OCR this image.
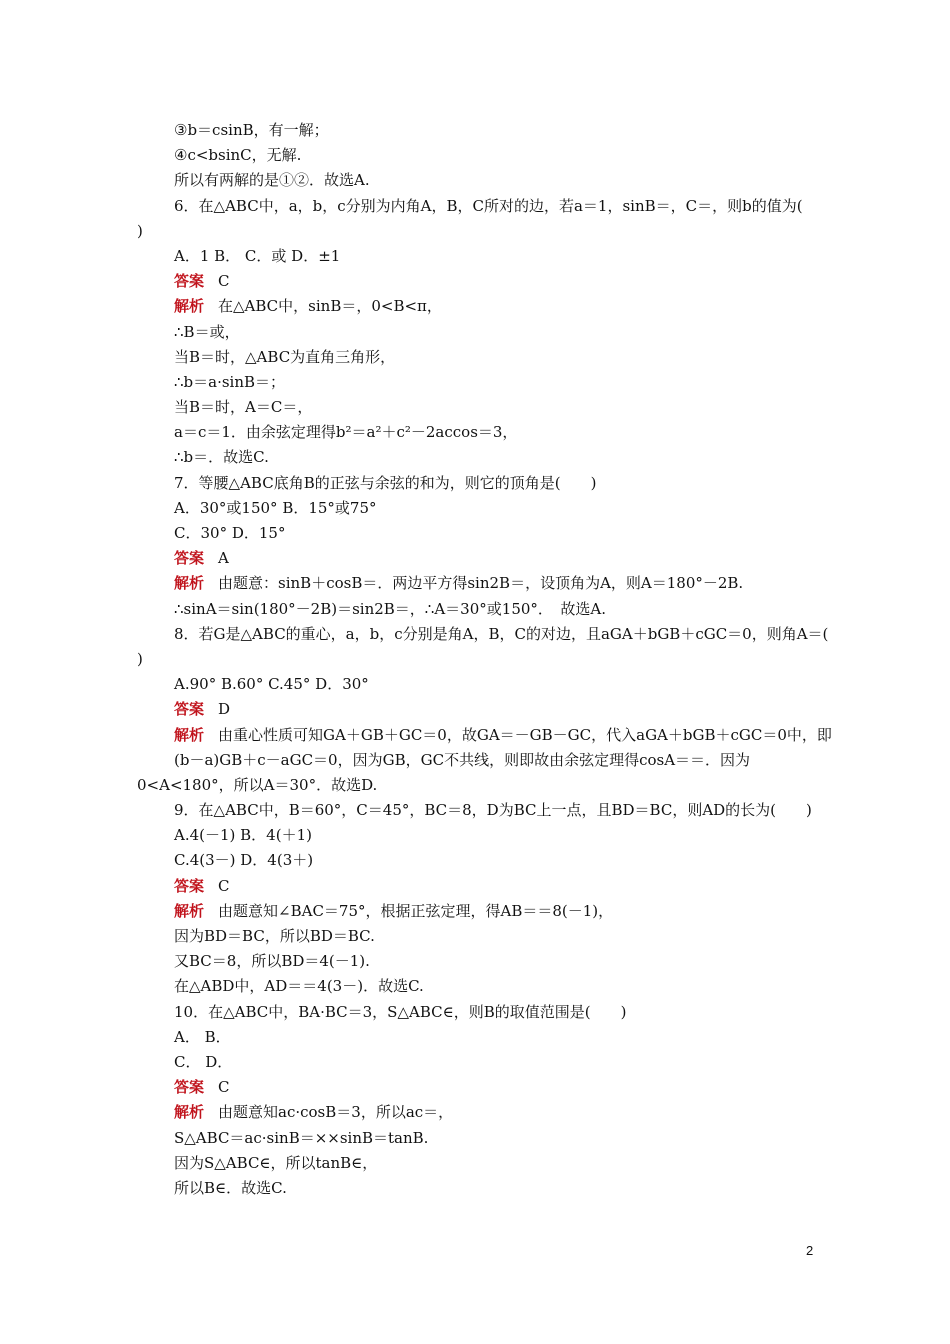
③b＝csinB，有一解；
④c<bsinC，无解.
所以有两解的是①②．故选A.
6．在△ABC中，a，b，c分别为内角A，B，C所对的边，若a＝1，sinB＝，C＝，则b的值为(
)
A．1 B． C．或 D．±1
答案 C
解析 在△ABC中，sinB＝，0<B<π，
∴B＝或，
当B＝时，△ABC为直角三角形，
∴b＝a·sinB＝；
当B＝时，A＝C＝，
a＝c＝1．由余弦定理得b²＝a²＋c²－2accos＝3，
∴b＝．故选C.
7．等腰△ABC底角B的正弦与余弦的和为，则它的顶角是(　　)
A．30°或150° B．15°或75°
C．30° D．15°
答案 A
解析 由题意：sinB＋cosB＝．两边平方得sin2B＝，设顶角为A，则A＝180°－2B.
∴sinA＝sin(180°－2B)＝sin2B＝，∴A＝30°或150°．　故选A.
8．若G是△ABC的重心，a，b，c分别是角A，B，C的对边，且aGA＋bGB＋cGC＝0，则角A＝(
)
A.90° B.60° C.45° D．30°
答案 D
解析 由重心性质可知GA＋GB＋GC＝0，故GA＝－GB－GC，代入aGA＋bGB＋cGC＝0中，即
(b－a)GB＋c－aGC＝0，因为GB，GC不共线，则即故由余弦定理得cosA＝＝．因为
0<A<180°，所以A＝30°．故选D.
9．在△ABC中，B＝60°，C＝45°，BC＝8，D为BC上一点，且BD＝BC，则AD的长为(　　)
A.4(－1) B．4(＋1)
C.4(3－) D．4(3＋)
答案 C
解析 由题意知∠BAC＝75°，根据正弦定理，得AB＝＝8(－1)，
因为BD＝BC，所以BD＝BC.
又BC＝8，所以BD＝4(－1).
在△ABD中，AD＝＝4(3－)．故选C.
10．在△ABC中，BA·BC＝3，S△ABC∈，则B的取值范围是(　　)
A． B．
C． D．
答案 C
解析 由题意知ac·cosB＝3，所以ac＝，
S△ABC＝ac·sinB＝××sinB＝tanB.
因为S△ABC∈，所以tanB∈，
所以B∈．故选C.
2
